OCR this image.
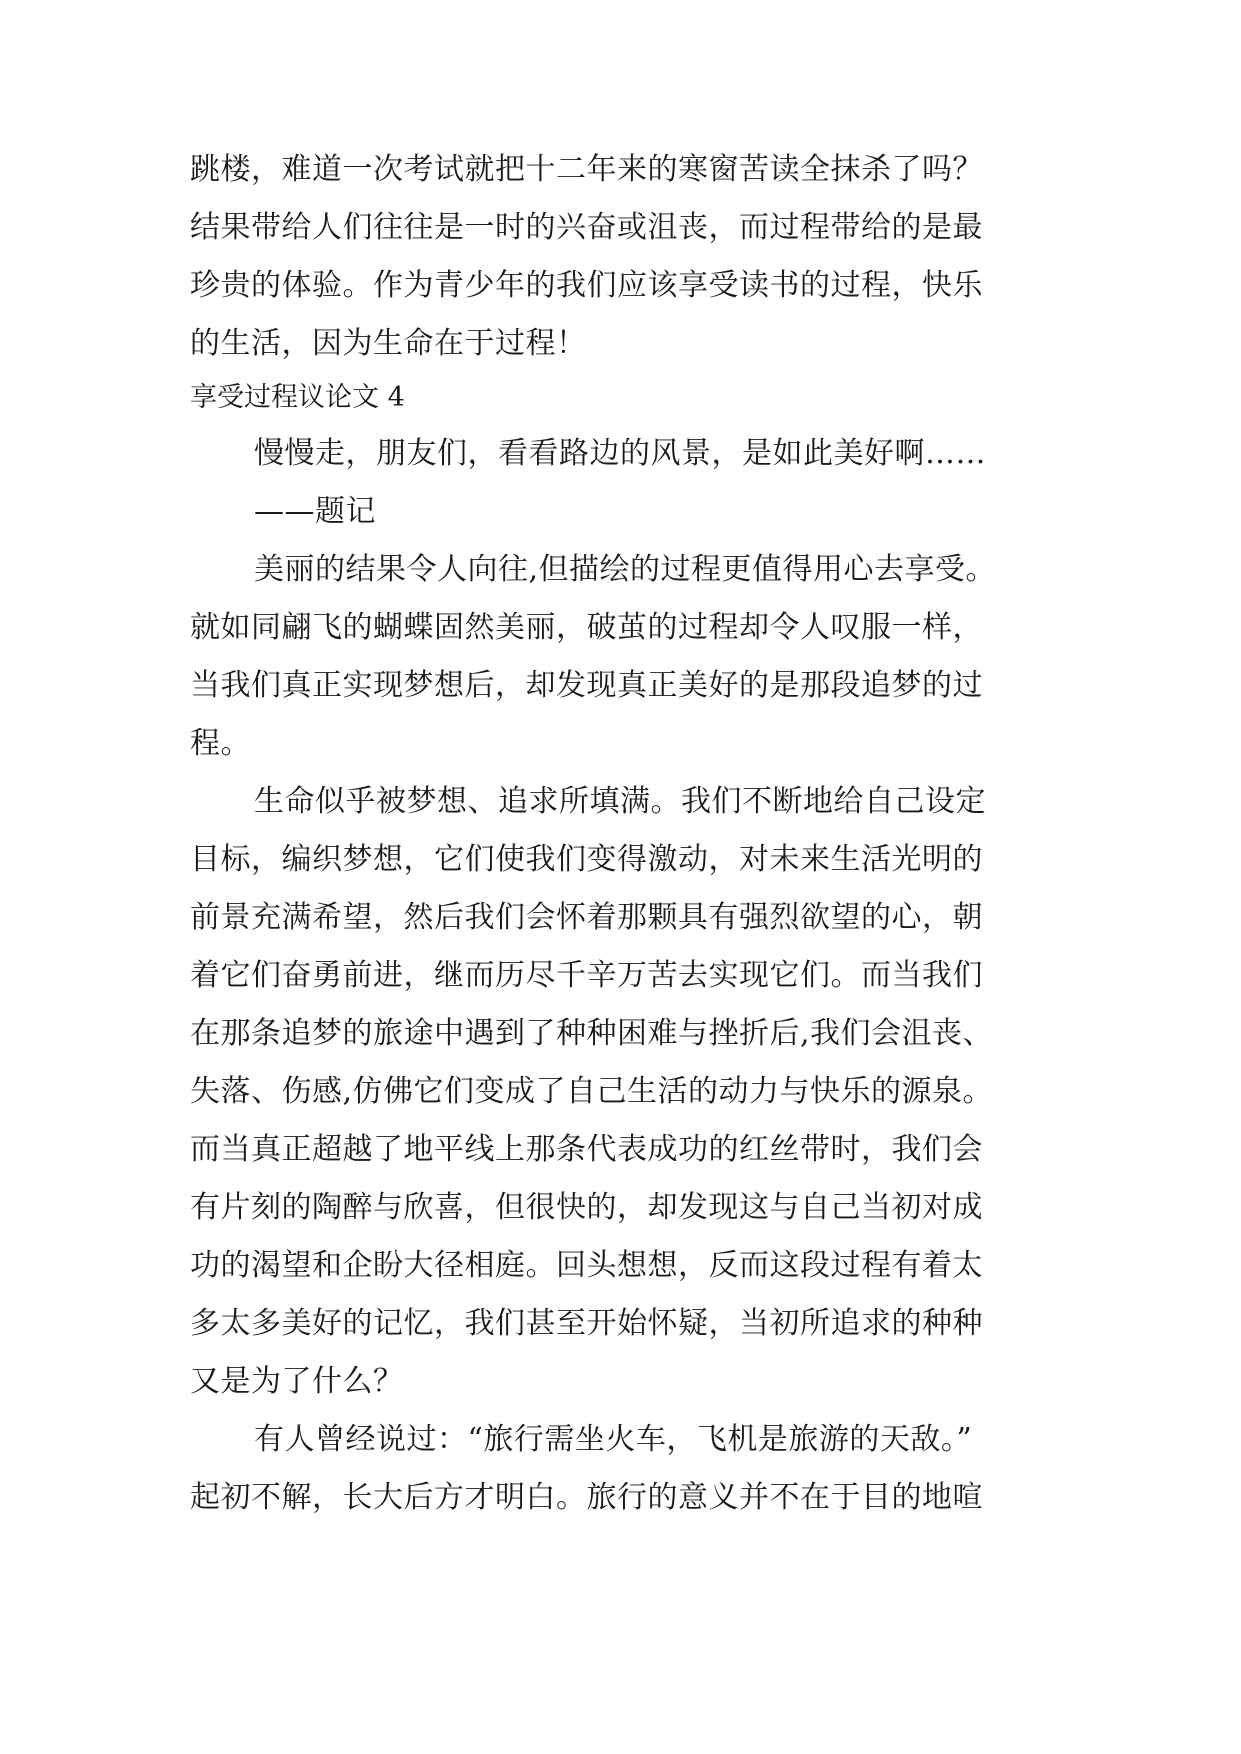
跳楼，难道一次考试就把十二年来的寒窗苦读全抹杀了吗？
结果带给人们往往是一时的兴奋或沮丧，而过程带给的是最
珍贵的体验。作为青少年的我们应该享受读书的过程，快乐
的生活，因为生命在于过程！
享受过程议论文 4
慢慢走，朋友们，看看路边的风景，是如此美好啊……
——题记
美丽的结果令人向往,但描绘的过程更值得用心去享受。
就如同翩飞的蝴蝶固然美丽，破茧的过程却令人叹服一样，
当我们真正实现梦想后，却发现真正美好的是那段追梦的过
程。
生命似乎被梦想、追求所填满。我们不断地给自己设定
目标，编织梦想，它们使我们变得激动，对未来生活光明的
前景充满希望，然后我们会怀着那颗具有强烈欲望的心，朝
着它们奋勇前进，继而历尽千辛万苦去实现它们。而当我们
在那条追梦的旅途中遇到了种种困难与挫折后,我们会沮丧、
失落、伤感,仿佛它们变成了自己生活的动力与快乐的源泉。
而当真正超越了地平线上那条代表成功的红丝带时，我们会
有片刻的陶醉与欣喜，但很快的，却发现这与自己当初对成
功的渴望和企盼大径相庭。回头想想，反而这段过程有着太
多太多美好的记忆，我们甚至开始怀疑，当初所追求的种种
又是为了什么？
有人曾经说过：“旅行需坐火车，飞机是旅游的天敌。”
起初不解，长大后方才明白。旅行的意义并不在于目的地喧
